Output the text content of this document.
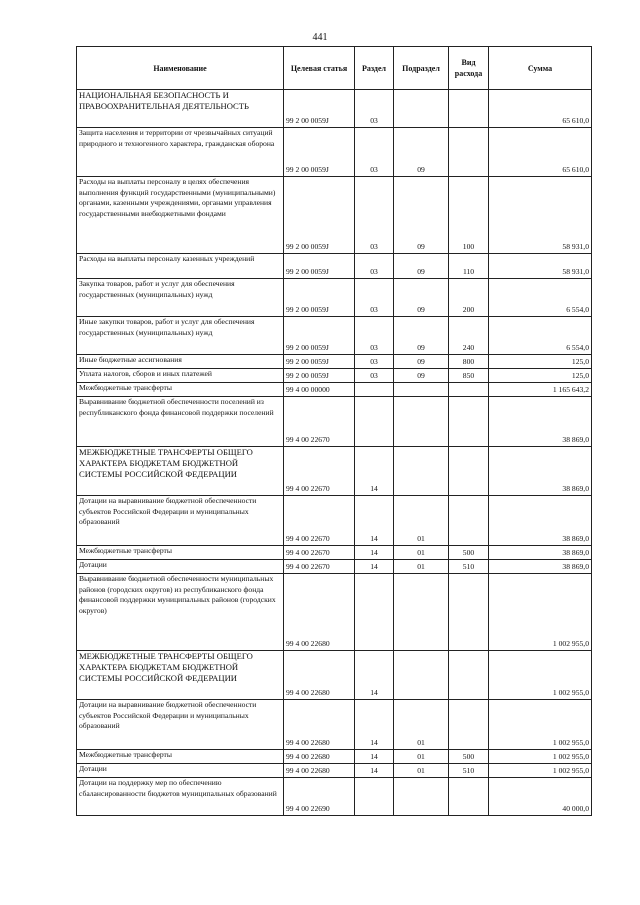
441
Наименование	Целевая статья	Раздел	Подраздел	Вид расхода	Сумма
НАЦИОНАЛЬНАЯ БЕЗОПАСНОСТЬ И ПРАВООХРАНИТЕЛЬНАЯ ДЕЯТЕЛЬНОСТЬ	99 2 00 0059J	03			65 610,0
Защита населения и территории от чрезвычайных ситуаций природного и техногенного характера, гражданская оборона	99 2 00 0059J	03	09		65 610,0
Расходы на выплаты персоналу в целях обеспечения выполнения функций государственными (муниципальными) органами, казенными учреждениями, органами управления государственными внебюджетными фондами	99 2 00 0059J	03	09	100	58 931,0
Расходы на выплаты персоналу казенных учреждений	99 2 00 0059J	03	09	110	58 931,0
Закупка товаров, работ и услуг для обеспечения государственных (муниципальных) нужд	99 2 00 0059J	03	09	200	6 554,0
Иные закупки товаров, работ и услуг для обеспечения государственных (муниципальных) нужд	99 2 00 0059J	03	09	240	6 554,0
Иные бюджетные ассигнования	99 2 00 0059J	03	09	800	125,0
Уплата налогов, сборов и иных платежей	99 2 00 0059J	03	09	850	125,0
Межбюджетные трансферты	99 4 00 00000				1 165 643,2
Выравнивание бюджетной обеспеченности поселений из республиканского фонда финансовой поддержки поселений	99 4 00 22670				38 869,0
МЕЖБЮДЖЕТНЫЕ ТРАНСФЕРТЫ ОБЩЕГО ХАРАКТЕРА БЮДЖЕТАМ БЮДЖЕТНОЙ СИСТЕМЫ РОССИЙСКОЙ ФЕДЕРАЦИИ	99 4 00 22670	14			38 869,0
Дотации на выравнивание бюджетной обеспеченности субъектов Российской Федерации и муниципальных образований	99 4 00 22670	14	01		38 869,0
Межбюджетные трансферты	99 4 00 22670	14	01	500	38 869,0
Дотации	99 4 00 22670	14	01	510	38 869,0
Выравнивание бюджетной обеспеченности муниципальных районов (городских округов) из республиканского фонда финансовой поддержки муниципальных районов (городских округов)	99 4 00 22680				1 002 955,0
МЕЖБЮДЖЕТНЫЕ ТРАНСФЕРТЫ ОБЩЕГО ХАРАКТЕРА БЮДЖЕТАМ БЮДЖЕТНОЙ СИСТЕМЫ РОССИЙСКОЙ ФЕДЕРАЦИИ	99 4 00 22680	14			1 002 955,0
Дотации на выравнивание бюджетной обеспеченности субъектов Российской Федерации и муниципальных образований	99 4 00 22680	14	01		1 002 955,0
Межбюджетные трансферты	99 4 00 22680	14	01	500	1 002 955,0
Дотации	99 4 00 22680	14	01	510	1 002 955,0
Дотации на поддержку мер по обеспечению сбалансированности бюджетов муниципальных образований	99 4 00 22690				40 000,0
